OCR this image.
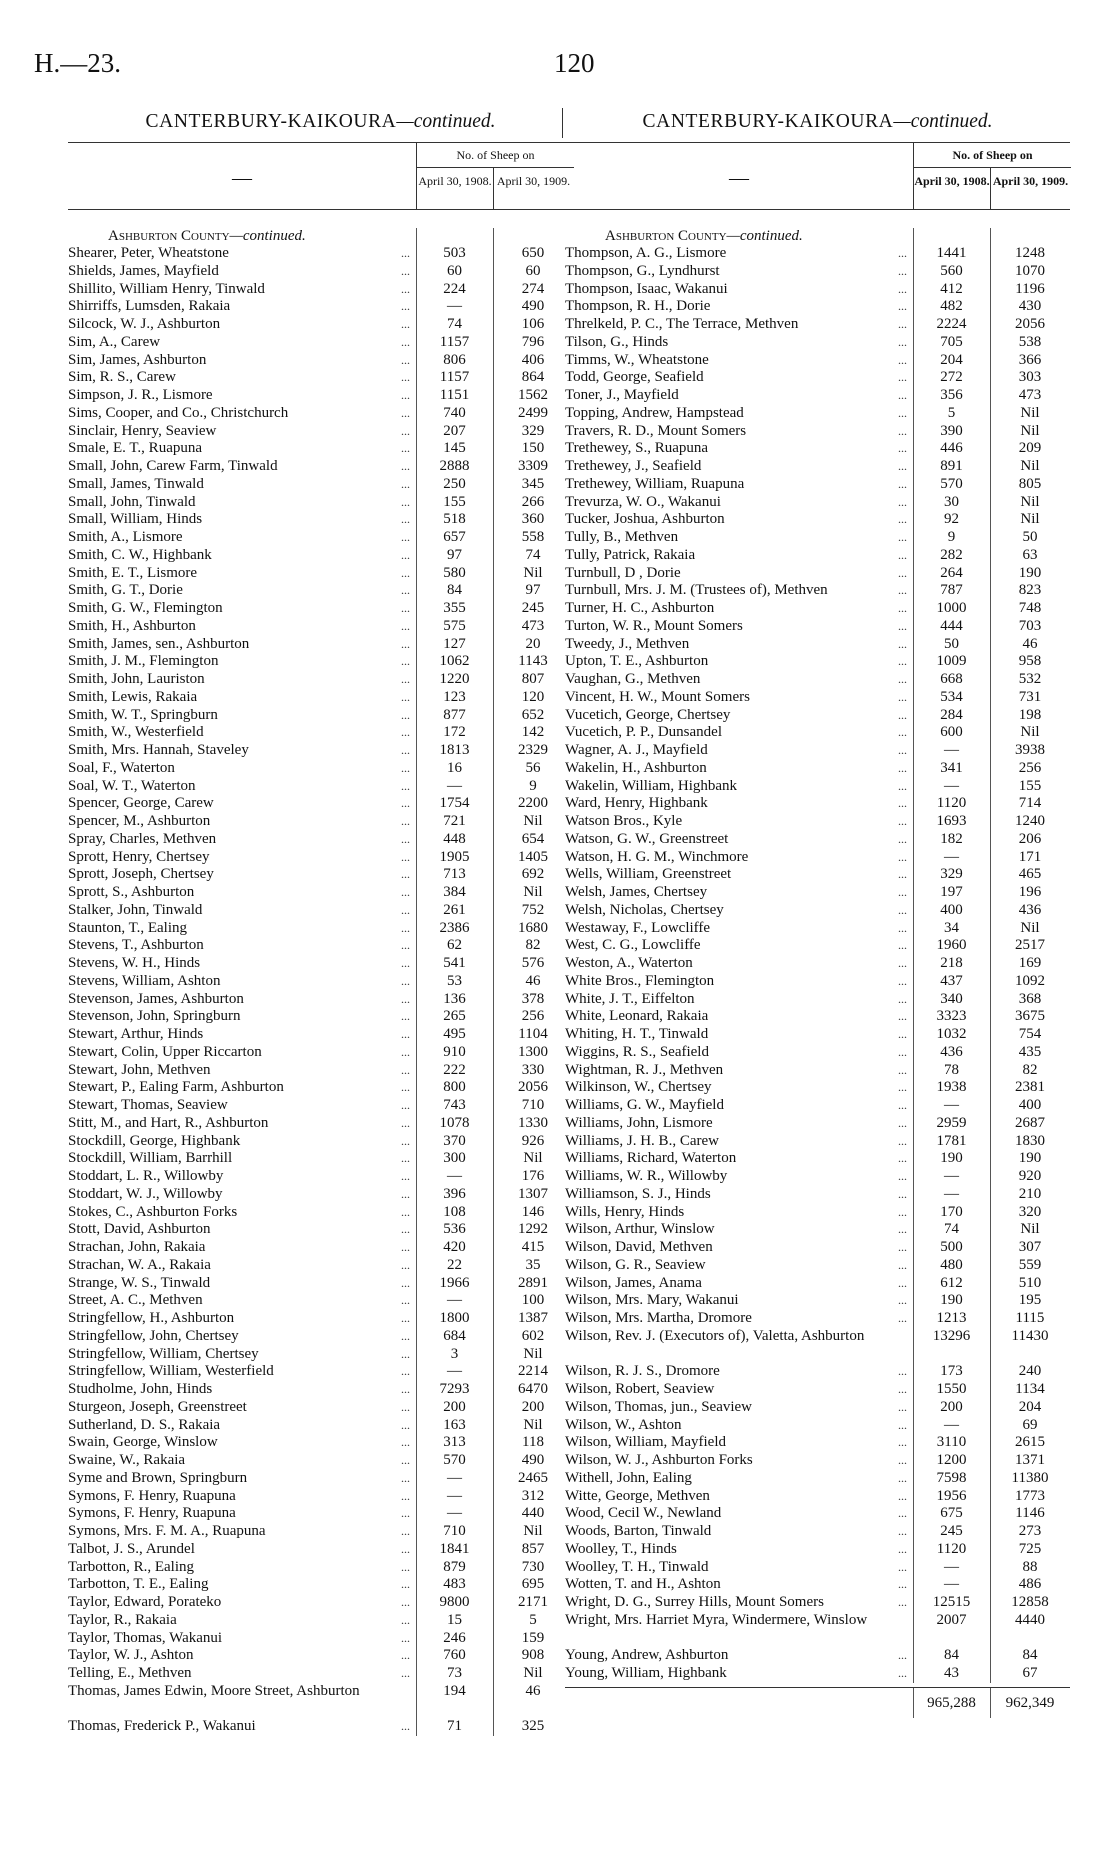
H.—23.	120
CANTERBURY-KAIKOURA—continued.
—
No. of Sheep on
April 30, 1908. April 30, 1909.
Ashburton County—continued.
Shearer, Peter, Wheatstone ...	503	650
Shields, James, Mayfield ...	60	60
Shillito, William Henry, Tinwald ...	224	274
Shirriffs, Lumsden, Rakaia ...	—	490
Silcock, W. J., Ashburton ...	74	106
Sim, A., Carew ...	1157	796
Sim, James, Ashburton ...	806	406
Sim, R. S., Carew ...	1157	864
Simpson, J. R., Lismore ...	1151	1562
Sims, Cooper, and Co., Christchurch ...	740	2499
Sinclair, Henry, Seaview ...	207	329
Smale, E. T., Ruapuna ...	145	150
Small, John, Carew Farm, Tinwald ...	2888	3309
Small, James, Tinwald ...	250	345
Small, John, Tinwald ...	155	266
Small, William, Hinds ...	518	360
Smith, A., Lismore ...	657	558
Smith, C. W., Highbank ...	97	74
Smith, E. T., Lismore ...	580	Nil
Smith, G. T., Dorie ...	84	97
Smith, G. W., Flemington ...	355	245
Smith, H., Ashburton ...	575	473
Smith, James, sen., Ashburton ...	127	20
Smith, J. M., Flemington ...	1062	1143
Smith, John, Lauriston ...	1220	807
Smith, Lewis, Rakaia ...	123	120
Smith, W. T., Springburn ...	877	652
Smith, W., Westerfield ...	172	142
Smith, Mrs. Hannah, Staveley ...	1813	2329
Soal, F., Waterton ...	16	56
Soal, W. T., Waterton ...	—	9
Spencer, George, Carew ...	1754	2200
Spencer, M., Ashburton ...	721	Nil
Spray, Charles, Methven ...	448	654
Sprott, Henry, Chertsey ...	1905	1405
Sprott, Joseph, Chertsey ...	713	692
Sprott, S., Ashburton ...	384	Nil
Stalker, John, Tinwald ...	261	752
Staunton, T., Ealing ...	2386	1680
Stevens, T., Ashburton ...	62	82
Stevens, W. H., Hinds ...	541	576
Stevens, William, Ashton ...	53	46
Stevenson, James, Ashburton ...	136	378
Stevenson, John, Springburn ...	265	256
Stewart, Arthur, Hinds ...	495	1104
Stewart, Colin, Upper Riccarton ...	910	1300
Stewart, John, Methven ...	222	330
Stewart, P., Ealing Farm, Ashburton ...	800	2056
Stewart, Thomas, Seaview ...	743	710
Stitt, M., and Hart, R., Ashburton ...	1078	1330
Stockdill, George, Highbank ...	370	926
Stockdill, William, Barrhill ...	300	Nil
Stoddart, L. R., Willowby ...	—	176
Stoddart, W. J., Willowby ...	396	1307
Stokes, C., Ashburton Forks ...	108	146
Stott, David, Ashburton ...	536	1292
Strachan, John, Rakaia ...	420	415
Strachan, W. A., Rakaia ...	22	35
Strange, W. S., Tinwald ...	1966	2891
Street, A. C., Methven ...	—	100
Stringfellow, H., Ashburton ...	1800	1387
Stringfellow, John, Chertsey ...	684	602
Stringfellow, William, Chertsey ...	3	Nil
Stringfellow, William, Westerfield ...	—	2214
Studholme, John, Hinds ...	7293	6470
Sturgeon, Joseph, Greenstreet ...	200	200
Sutherland, D. S., Rakaia ...	163	Nil
Swain, George, Winslow ...	313	118
Swaine, W., Rakaia ...	570	490
Syme and Brown, Springburn ...	—	2465
Symons, F. Henry, Ruapuna ...	—	312
Symons, F. Henry, Ruapuna ...	—	440
Symons, Mrs. F. M. A., Ruapuna ...	710	Nil
Talbot, J. S., Arundel ...	1841	857
Tarbotton, R., Ealing ...	879	730
Tarbotton, T. E., Ealing ...	483	695
Taylor, Edward, Porateko ...	9800	2171
Taylor, R., Rakaia ...	15	5
Taylor, Thomas, Wakanui ...	246	159
Taylor, W. J., Ashton ...	760	908
Telling, E., Methven ...	73	Nil
Thomas, James Edwin, Moore Street, Ashburton	194	46
Thomas, Frederick P., Wakanui ...	71	325
CANTERBURY-KAIKOURA—continued.
—
No. of Sheep on
April 30, 1908. April 30, 1909.
Ashburton County—continued.
Thompson, A. G., Lismore ...	1441	1248
Thompson, G., Lyndhurst ...	560	1070
Thompson, Isaac, Wakanui ...	412	1196
Thompson, R. H., Dorie ...	482	430
Threlkeld, P. C., The Terrace, Methven ...	2224	2056
Tilson, G., Hinds ...	705	538
Timms, W., Wheatstone ...	204	366
Todd, George, Seafield ...	272	303
Toner, J., Mayfield ...	356	473
Topping, Andrew, Hampstead ...	5	Nil
Travers, R. D., Mount Somers ...	390	Nil
Trethewey, S., Ruapuna ...	446	209
Trethewey, J., Seafield ...	891	Nil
Trethewey, William, Ruapuna ...	570	805
Trevurza, W. O., Wakanui ...	30	Nil
Tucker, Joshua, Ashburton ...	92	Nil
Tully, B., Methven ...	9	50
Tully, Patrick, Rakaia ...	282	63
Turnbull, D , Dorie ...	264	190
Turnbull, Mrs. J. M. (Trustees of), Methven ...	787	823
Turner, H. C., Ashburton ...	1000	748
Turton, W. R., Mount Somers ...	444	703
Tweedy, J., Methven ...	50	46
Upton, T. E., Ashburton ...	1009	958
Vaughan, G., Methven ...	668	532
Vincent, H. W., Mount Somers ...	534	731
Vucetich, George, Chertsey ...	284	198
Vucetich, P. P., Dunsandel ...	600	Nil
Wagner, A. J., Mayfield ...	—	3938
Wakelin, H., Ashburton ...	341	256
Wakelin, William, Highbank ...	—	155
Ward, Henry, Highbank ...	1120	714
Watson Bros., Kyle ...	1693	1240
Watson, G. W., Greenstreet ...	182	206
Watson, H. G. M., Winchmore ...	—	171
Wells, William, Greenstreet ...	329	465
Welsh, James, Chertsey ...	197	196
Welsh, Nicholas, Chertsey ...	400	436
Westaway, F., Lowcliffe ...	34	Nil
West, C. G., Lowcliffe ...	1960	2517
Weston, A., Waterton ...	218	169
White Bros., Flemington ...	437	1092
White, J. T., Eiffelton ...	340	368
White, Leonard, Rakaia ...	3323	3675
Whiting, H. T., Tinwald ...	1032	754
Wiggins, R. S., Seafield ...	436	435
Wightman, R. J., Methven ...	78	82
Wilkinson, W., Chertsey ...	1938	2381
Williams, G. W., Mayfield ...	—	400
Williams, John, Lismore ...	2959	2687
Williams, J. H. B., Carew ...	1781	1830
Williams, Richard, Waterton ...	190	190
Williams, W. R., Willowby ...	—	920
Williamson, S. J., Hinds ...	—	210
Wills, Henry, Hinds ...	170	320
Wilson, Arthur, Winslow ...	74	Nil
Wilson, David, Methven ...	500	307
Wilson, G. R., Seaview ...	480	559
Wilson, James, Anama ...	612	510
Wilson, Mrs. Mary, Wakanui ...	190	195
Wilson, Mrs. Martha, Dromore ...	1213	1115
Wilson, Rev. J. (Executors of), Valetta, Ashburton	13296	11430
Wilson, R. J. S., Dromore ...	173	240
Wilson, Robert, Seaview ...	1550	1134
Wilson, Thomas, jun., Seaview ...	200	204
Wilson, W., Ashton ...	—	69
Wilson, William, Mayfield ...	3110	2615
Wilson, W. J., Ashburton Forks ...	1200	1371
Withell, John, Ealing ...	7598	11380
Witte, George, Methven ...	1956	1773
Wood, Cecil W., Newland ...	675	1146
Woods, Barton, Tinwald ...	245	273
Woolley, T., Hinds ...	1120	725
Woolley, T. H., Tinwald ...	—	88
Wotten, T. and H., Ashton ...	—	486
Wright, D. G., Surrey Hills, Mount Somers ...	12515	12858
Wright, Mrs. Harriet Myra, Windermere, Winslow	2007	4440
Young, Andrew, Ashburton ...	84	84
Young, William, Highbank ...	43	67
965,288	962,349
